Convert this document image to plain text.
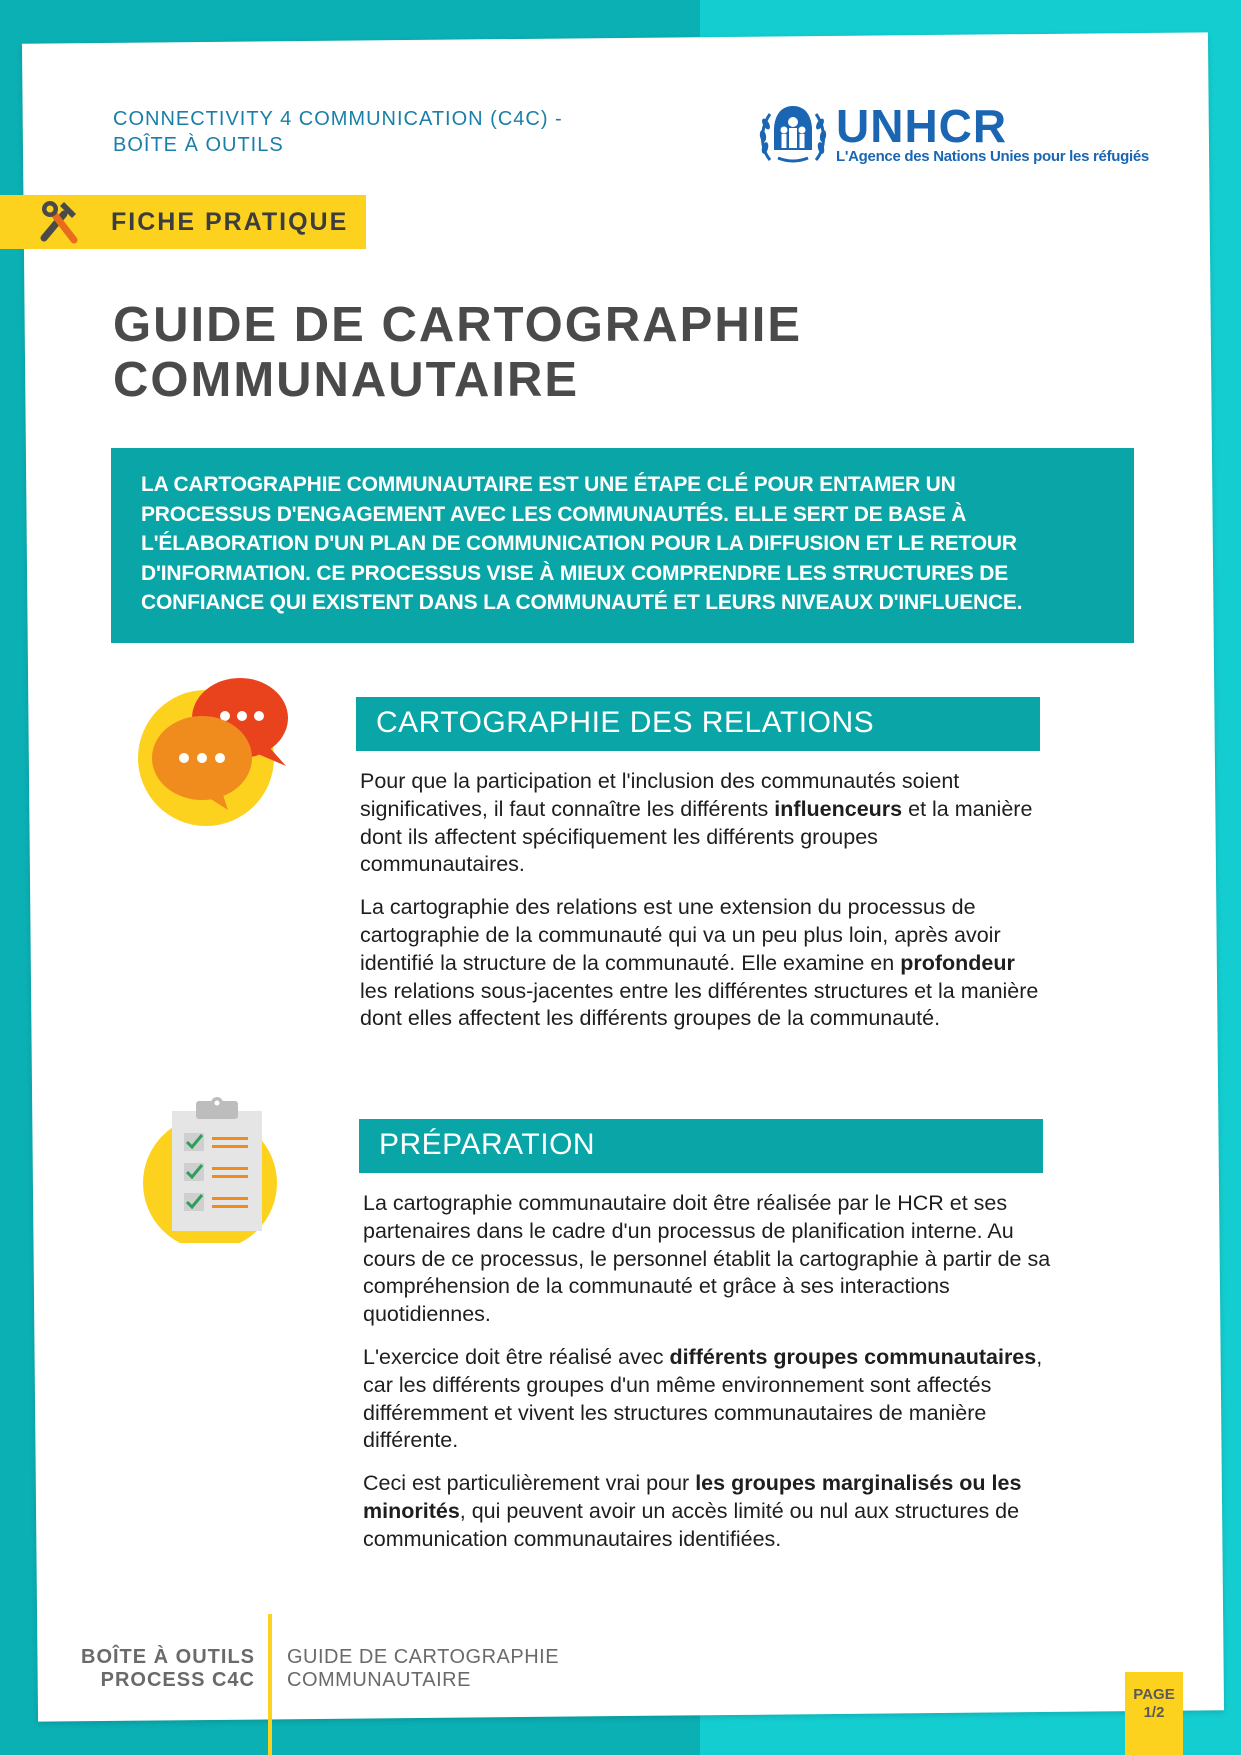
CONNECTIVITY 4 COMMUNICATION (C4C) -
BOÎTE À OUTILS	UNHCR
L'Agence des Nations Unies pour les réfugiés
FICHE PRATIQUE
GUIDE DE CARTOGRAPHIE
COMMUNAUTAIRE
LA CARTOGRAPHIE COMMUNAUTAIRE EST UNE ÉTAPE CLÉ POUR ENTAMER UN
PROCESSUS D'ENGAGEMENT AVEC LES COMMUNAUTÉS. ELLE SERT DE BASE À
L'ÉLABORATION D'UN PLAN DE COMMUNICATION POUR LA DIFFUSION ET LE RETOUR
D'INFORMATION. CE PROCESSUS VISE À MIEUX COMPRENDRE LES STRUCTURES DE
CONFIANCE QUI EXISTENT DANS LA COMMUNAUTÉ ET LEURS NIVEAUX D'INFLUENCE.
CARTOGRAPHIE DES RELATIONS

Pour que la participation et l'inclusion des communautés soient significatives, il faut connaître les différents influenceurs et la manière dont ils affectent spécifiquement les différents groupes communautaires.

La cartographie des relations est une extension du processus de cartographie de la communauté qui va un peu plus loin, après avoir identifié la structure de la communauté. Elle examine en profondeur les relations sous-jacentes entre les différentes structures et la manière dont elles affectent les différents groupes de la communauté.

PRÉPARATION

La cartographie communautaire doit être réalisée par le HCR et ses partenaires dans le cadre d'un processus de planification interne. Au cours de ce processus, le personnel établit la cartographie à partir de sa compréhension de la communauté et grâce à ses interactions quotidiennes.

L'exercice doit être réalisé avec différents groupes communautaires, car les différents groupes d'un même environnement sont affectés différemment et vivent les structures communautaires de manière différente.

Ceci est particulièrement vrai pour les groupes marginalisés ou les minorités, qui peuvent avoir un accès limité ou nul aux structures de communication communautaires identifiées.

BOÎTE À OUTILS
PROCESS C4C
GUIDE DE CARTOGRAPHIE
COMMUNAUTAIRE
PAGE
1/2
